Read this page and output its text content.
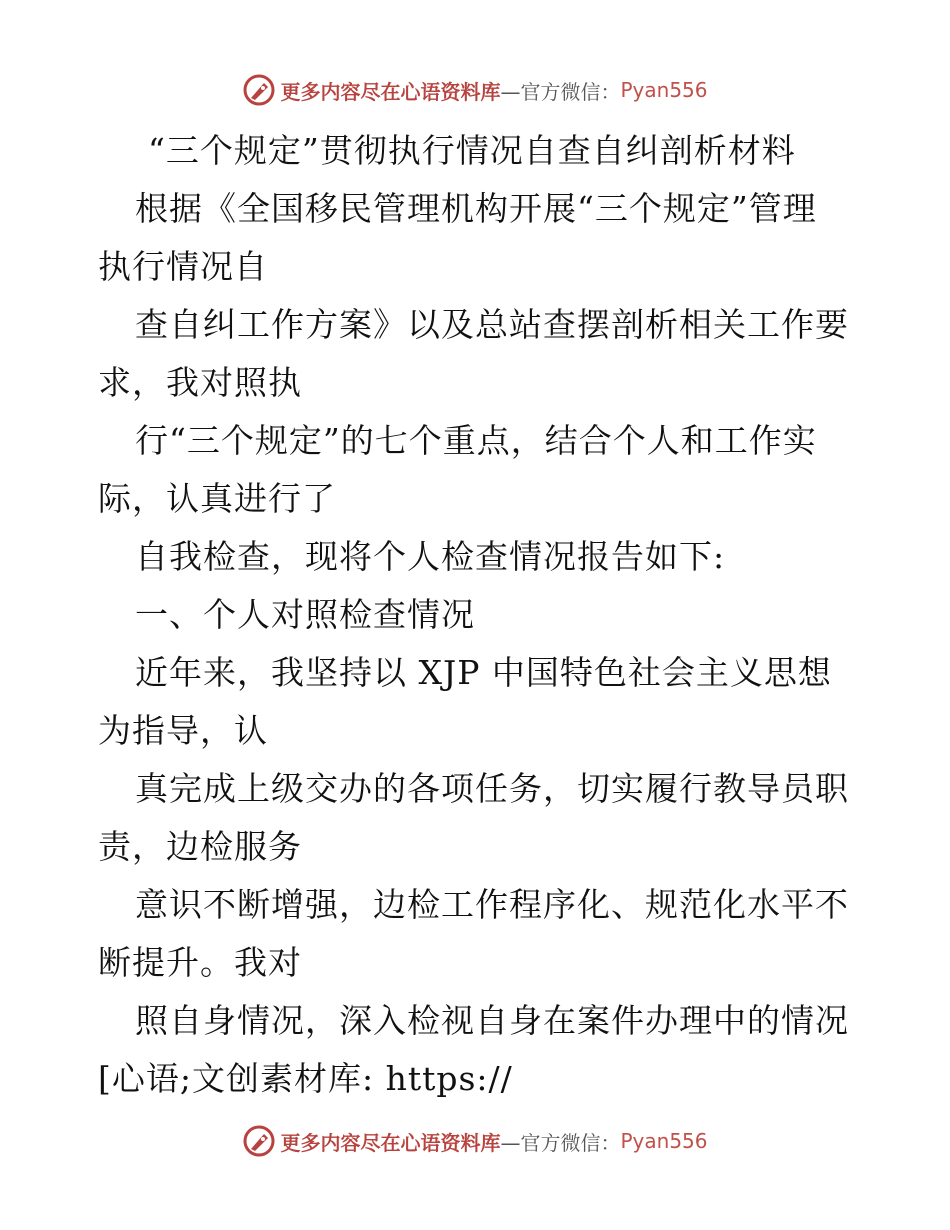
更多内容尽在心语资料库 —官方微信： Pyan556
“三个规定”贯彻执行情况自查自纠剖析材料
根据《全国移民管理机构开展“三个规定”管理
执行情况自
查自纠工作方案》以及总站查摆剖析相关工作要
求，我对照执
行“三个规定”的七个重点，结合个人和工作实
际，认真进行了
自我检查，现将个人检查情况报告如下:
一、个人对照检查情况
近年来，我坚持以 XJP 中国特色社会主义思想
为指导，认
真完成上级交办的各项任务，切实履行教导员职
责，边检服务
意识不断增强，边检工作程序化、规范化水平不
断提升。我对
照自身情况，深入检视自身在案件办理中的情况
[心语;文创素材库: https://
更多内容尽在心语资料库 —官方微信： Pyan556
